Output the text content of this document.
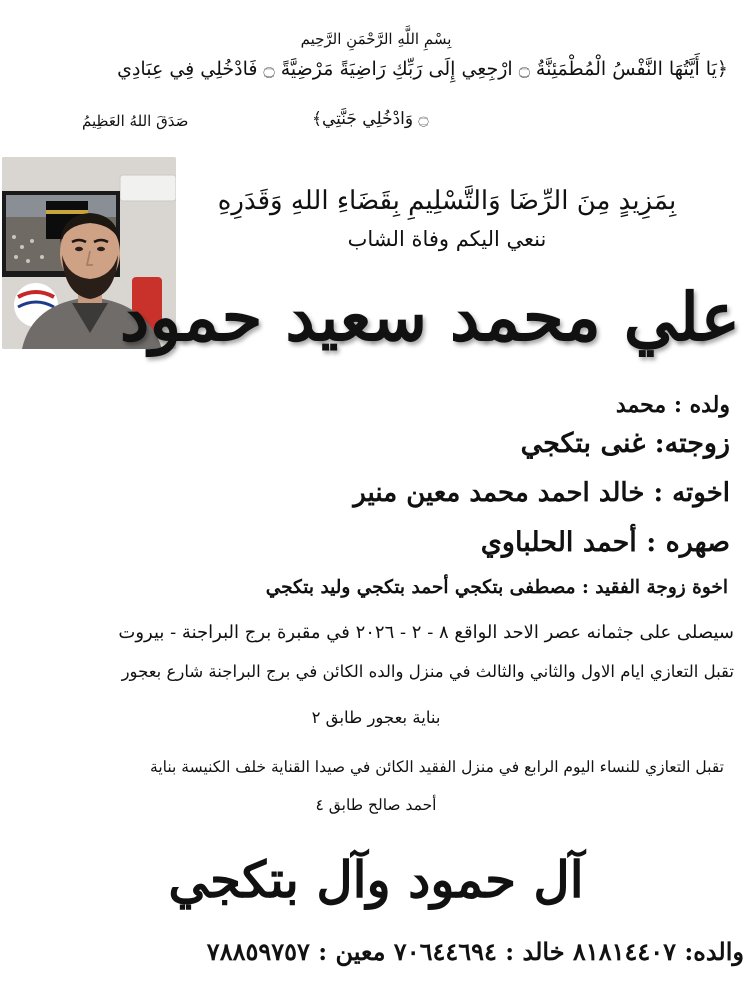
بِسْمِ اللَّهِ الرَّحْمَنِ الرَّحِيم
﴿يَا أَيَّتُهَا النَّفْسُ الْمُطْمَئِنَّةُ ۝ ارْجِعِي إِلَى رَبِّكِ رَاضِيَةً مَرْضِيَّةً ۝ فَادْخُلِي فِي عِبَادِي
۝ وَادْخُلِي جَنَّتِي﴾
صَدَقَ اللهُ العَظِيمُ
بِمَزِيدٍ مِنَ الرِّضَا وَالتَّسْلِيمِ بِقَضَاءِ اللهِ وَقَدَرِهِ
ننعي اليكم وفاة الشاب
علي محمد سعيد حمود
ولده : محمد
زوجته: غنى بتكجي
اخوته : خالد احمد محمد معين منير
صهره : أحمد الحلباوي
اخوة زوجة الفقيد : مصطفى بتكجي أحمد بتكجي وليد بتكجي
سيصلى على جثمانه عصر الاحد الواقع ٨ - ٢ - ٢٠٢٦ في مقبرة برج البراجنة - بيروت
تقبل التعازي ايام الاول والثاني والثالث في منزل والده الكائن في برج البراجنة شارع بعجور
بناية بعجور طابق ٢
تقبل التعازي للنساء اليوم الرابع في منزل الفقيد الكائن في صيدا القناية خلف الكنيسة بناية
أحمد صالح طابق ٤
آل حمود وآل بتكجي
والده: ٨١٨١٤٤٠٧ خالد : ٧٠٦٤٤٦٩٤ معين : ٧٨٨٥٩٧٥٧
